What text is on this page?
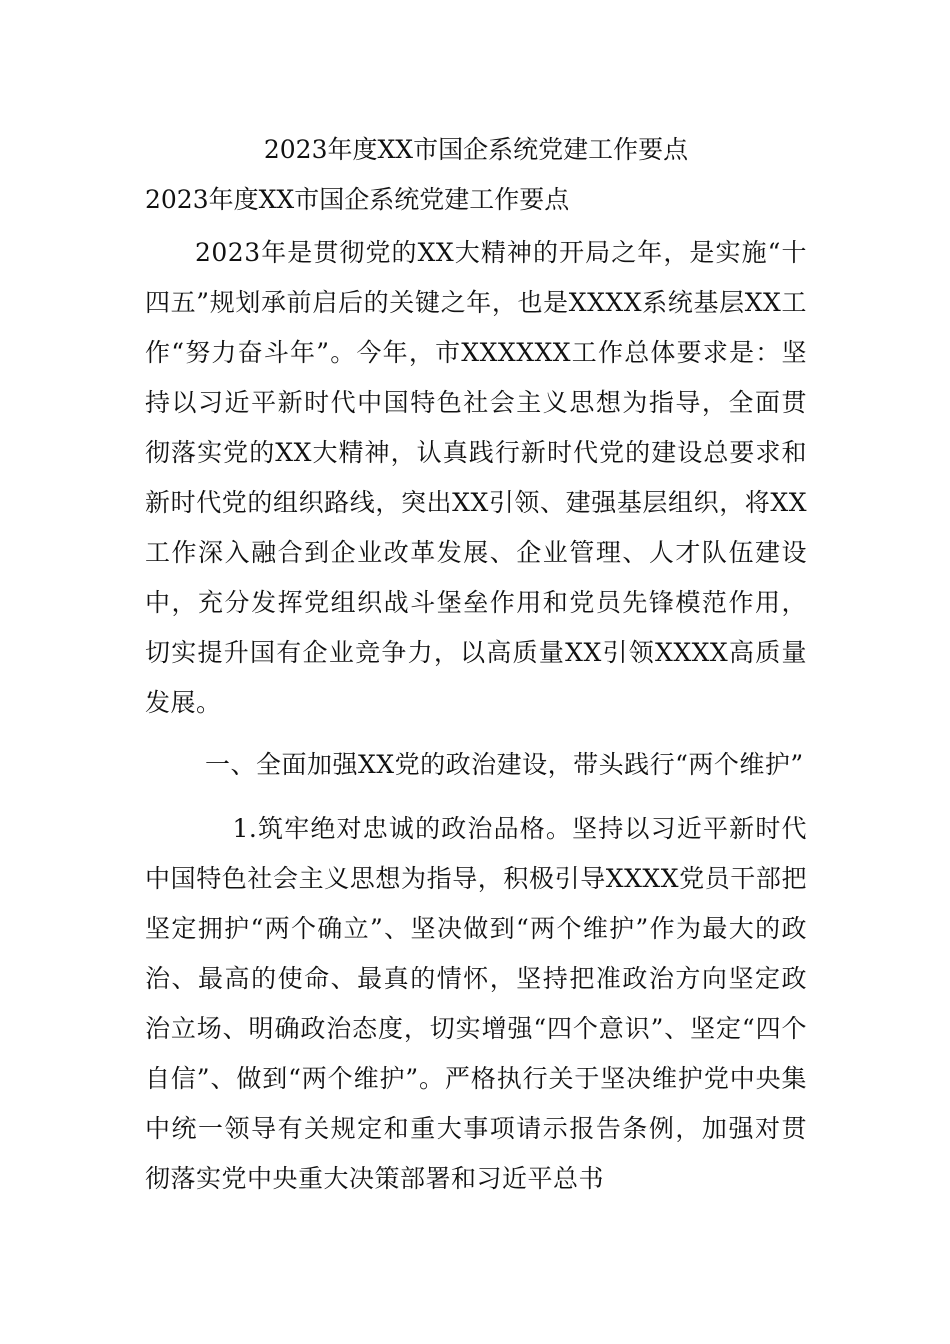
2023年度XX市国企系统党建工作要点

2023年度XX市国企系统党建工作要点

2023年是贯彻党的XX大精神的开局之年，是实施“十四五”规划承前启后的关键之年，也是XXXX系统基层XX工作“努力奋斗年”。今年，市XXXXXX工作总体要求是：坚持以习近平新时代中国特色社会主义思想为指导，全面贯彻落实党的XX大精神，认真践行新时代党的建设总要求和新时代党的组织路线，突出XX引领、建强基层组织，将XX工作深入融合到企业改革发展、企业管理、人才队伍建设中，充分发挥党组织战斗堡垒作用和党员先锋模范作用，切实提升国有企业竞争力，以高质量XX引领XXXX高质量发展。

一、全面加强XX党的政治建设，带头践行“两个维护”

1.筑牢绝对忠诚的政治品格。坚持以习近平新时代中国特色社会主义思想为指导，积极引导XXXX党员干部把坚定拥护“两个确立”、坚决做到“两个维护”作为最大的政治、最高的使命、最真的情怀，坚持把准政治方向坚定政治立场、明确政治态度，切实增强“四个意识”、坚定“四个自信”、做到“两个维护”。严格执行关于坚决维护党中央集中统一领导有关规定和重大事项请示报告条例，加强对贯彻落实党中央重大决策部署和习近平总书
